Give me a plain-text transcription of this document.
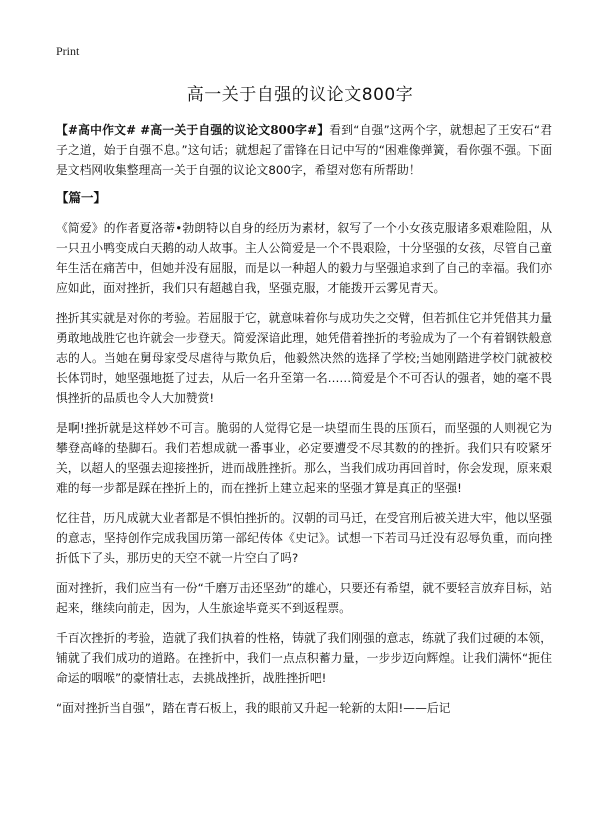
Print
高一关于自强的议论文800字

【#高中作文# #高一关于自强的议论文800字#】看到“自强”这两个字，就想起了王安石“君子之道，始于自强不息。”这句话；就想起了雷锋在日记中写的“困难像弹簧，看你强不强。下面是文档网收集整理高一关于自强的议论文800字，希望对您有所帮助！

【篇一】

《简爱》的作者夏洛蒂•勃朗特以自身的经历为素材，叙写了一个小女孩克服诸多艰难险阻，从一只丑小鸭变成白天鹅的动人故事。主人公简爱是一个不畏艰险，十分坚强的女孩，尽管自己童年生活在痛苦中，但她并没有屈服，而是以一种超人的毅力与坚强追求到了自己的幸福。我们亦应如此，面对挫折，我们只有超越自我，坚强克服，才能拨开云雾见青天。

挫折其实就是对你的考验。若屈服于它，就意味着你与成功失之交臂，但若抓住它并凭借其力量勇敢地战胜它也许就会一步登天。简爱深谙此理，她凭借着挫折的考验成为了一个有着钢铁般意志的人。当她在舅母家受尽虐待与欺负后，他毅然决然的选择了学校;当她刚踏进学校门就被校长体罚时，她坚强地挺了过去，从后一名升至第一名……简爱是个不可否认的强者，她的毫不畏惧挫折的品质也令人大加赞赏!

是啊!挫折就是这样妙不可言。脆弱的人觉得它是一块望而生畏的压顶石，而坚强的人则视它为攀登高峰的垫脚石。我们若想成就一番事业，必定要遭受不尽其数的的挫折。我们只有咬紧牙关，以超人的坚强去迎接挫折，进而战胜挫折。那么，当我们成功再回首时，你会发现，原来艰难的每一步都是踩在挫折上的，而在挫折上建立起来的坚强才算是真正的坚强!

忆往昔，历凡成就大业者都是不惧怕挫折的。汉朝的司马迁，在受宫刑后被关进大牢，他以坚强的意志，坚持创作完成我国历第一部纪传体《史记》。试想一下若司马迁没有忍辱负重，而向挫折低下了头，那历史的天空不就一片空白了吗?

面对挫折，我们应当有一份“千磨万击还坚劲”的雄心，只要还有希望，就不要轻言放弃目标，站起来，继续向前走，因为，人生旅途毕竟买不到返程票。

千百次挫折的考验，造就了我们执着的性格，铸就了我们刚强的意志，练就了我们过硬的本领，铺就了我们成功的道路。在挫折中，我们一点点积蓄力量，一步步迈向辉煌。让我们满怀“扼住命运的咽喉”的豪情壮志，去挑战挫折，战胜挫折吧!

“面对挫折当自强”，踏在青石板上，我的眼前又升起一轮新的太阳!——后记
